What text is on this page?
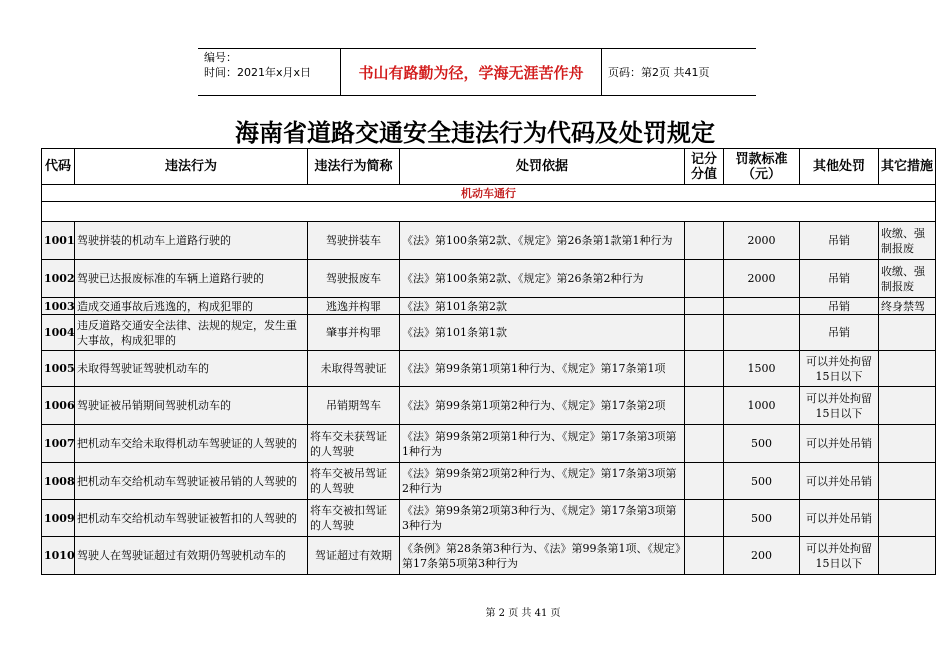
编号：
时间：2021年x月x日	书山有路勤为径，学海无涯苦作舟	页码：第2页 共41页
海南省道路交通安全违法行为代码及处罚规定
代码	违法行为	违法行为简称	处罚依据	记分分值	罚款标准（元）	其他处罚	其它措施
机动车通行							

1001	驾驶拼装的机动车上道路行驶的	驾驶拼装车	《法》第100条第2款、《规定》第26条第1款第1种行为		2000	吊销	收缴、强制报废
1002	驾驶已达报废标准的车辆上道路行驶的	驾驶报废车	《法》第100条第2款、《规定》第26条第2种行为		2000	吊销	收缴、强制报废
1003	造成交通事故后逃逸的，构成犯罪的	逃逸并构罪	《法》第101条第2款			吊销	终身禁驾
1004	违反道路交通安全法律、法规的规定，发生重大事故，构成犯罪的	肇事并构罪	《法》第101条第1款			吊销	
1005	未取得驾驶证驾驶机动车的	未取得驾驶证	《法》第99条第1项第1种行为、《规定》第17条第1项		1500	可以并处拘留15日以下	
1006	驾驶证被吊销期间驾驶机动车的	吊销期驾车	《法》第99条第1项第2种行为、《规定》第17条第2项		1000	可以并处拘留15日以下	
1007	把机动车交给未取得机动车驾驶证的人驾驶的	将车交未获驾证的人驾驶	《法》第99条第2项第1种行为、《规定》第17条第3项第1种行为		500	可以并处吊销	
1008	把机动车交给机动车驾驶证被吊销的人驾驶的	将车交被吊驾证的人驾驶	《法》第99条第2项第2种行为、《规定》第17条第3项第2种行为		500	可以并处吊销	
1009	把机动车交给机动车驾驶证被暂扣的人驾驶的	将车交被扣驾证的人驾驶	《法》第99条第2项第3种行为、《规定》第17条第3项第3种行为		500	可以并处吊销	
1010	驾驶人在驾驶证超过有效期仍驾驶机动车的	驾证超过有效期	《条例》第28条第3种行为、《法》第99条第1项、《规定》第17条第5项第3种行为		200	可以并处拘留15日以下	
第 2 页 共 41 页
